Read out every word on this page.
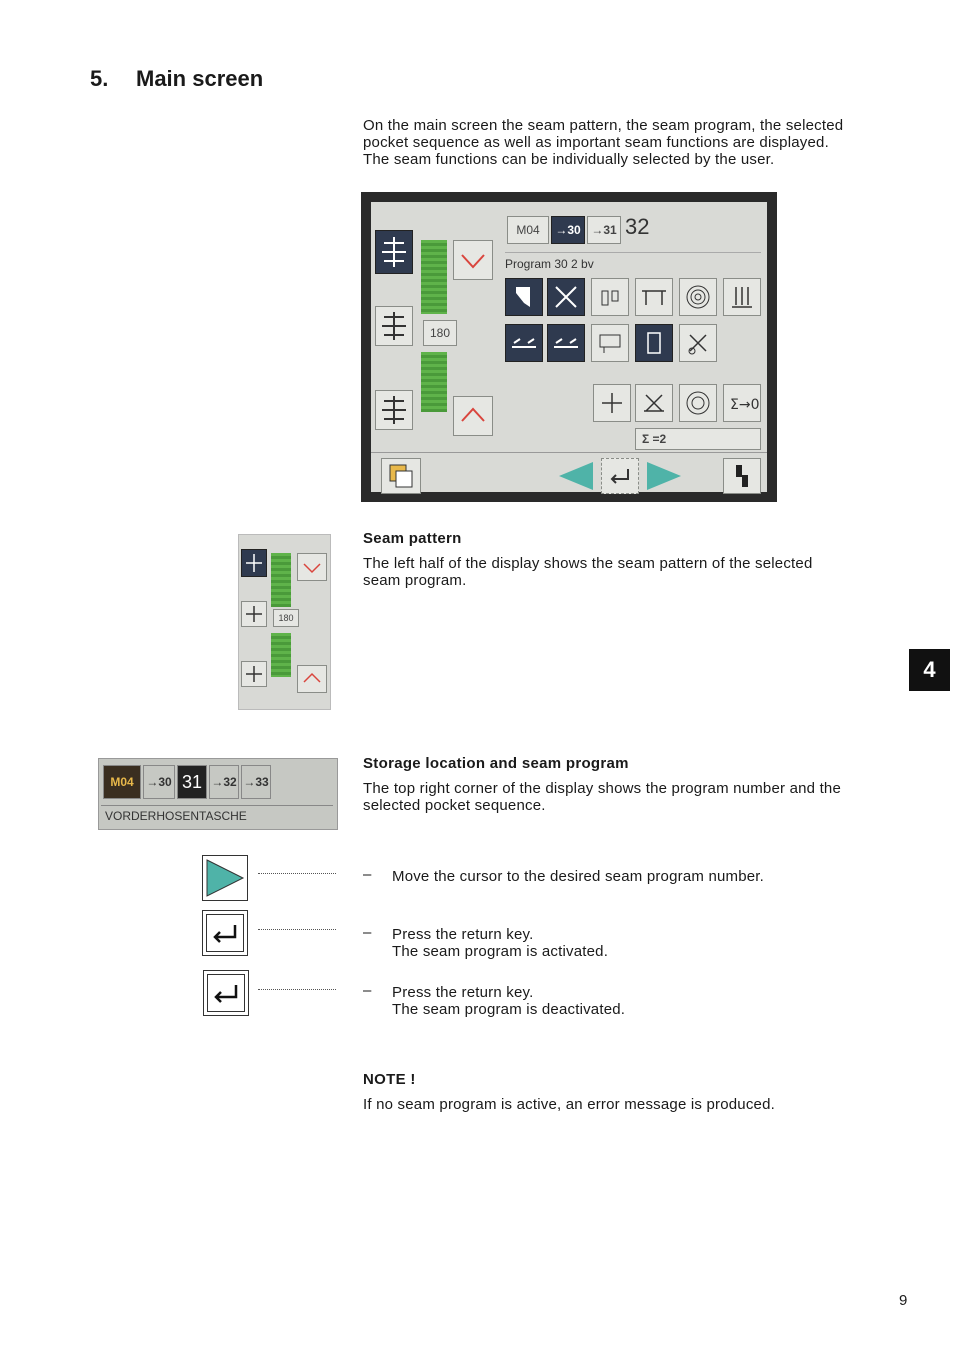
5. Main screen

On the main screen the seam pattern, the seam program, the selected

pocket sequence as well as important seam functions are displayed.

The seam functions can be individually selected by the user.

180
M04	→30 →31 32
Program 30 2 bv
Σ→0
Σ =2
180
Seam pattern

The left half of the display shows the seam pattern of the selected

seam program.

4
M04	→30 31 →32 →33
VORDERHOSENTASCHE
Storage location and seam program

The top right corner of the display shows the program number and the

selected pocket sequence.

– Move the cursor to the desired seam program number.

– Press the return key.

The seam program is activated.

– Press the return key.

The seam program is deactivated.

NOTE !
If no seam program is active, an error message is produced.
9
